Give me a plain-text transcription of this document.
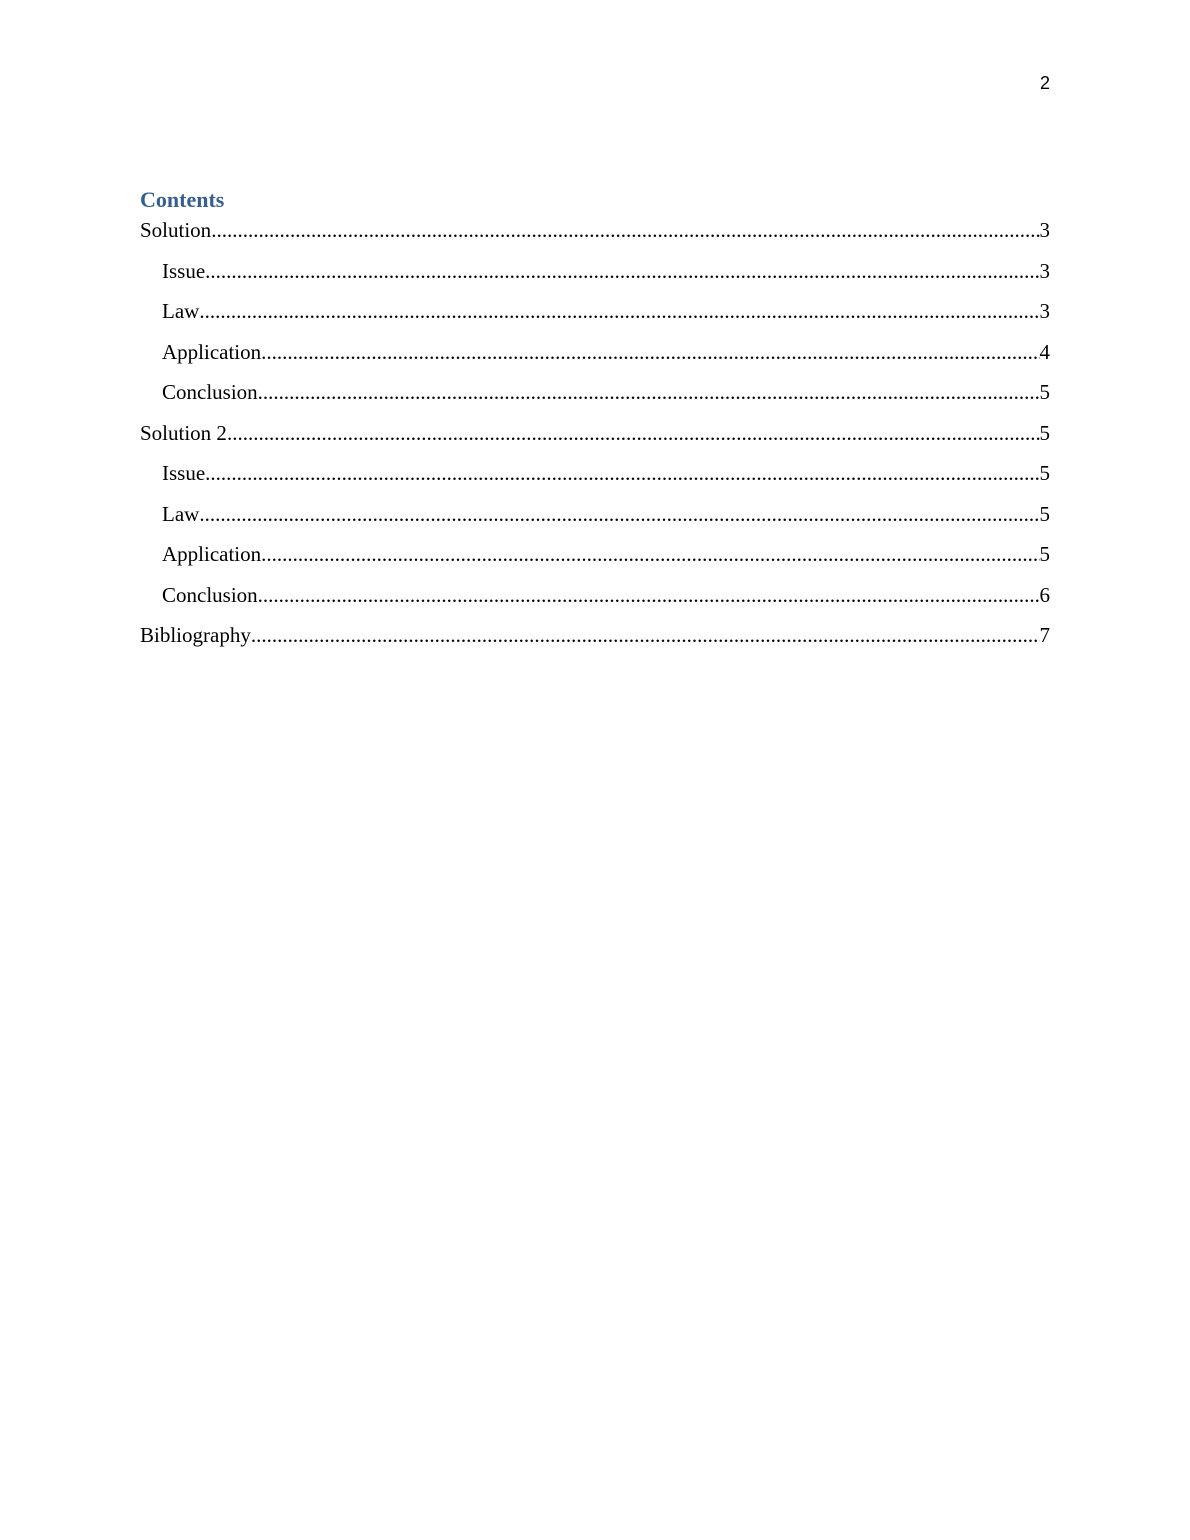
2
Contents
Solution .....	3
Issue .....	3
Law .....	3
Application .....	4
Conclusion .....	5
Solution 2 .....	5
Issue .....	5
Law .....	5
Application .....	5
Conclusion .....	6
Bibliography .....	7
